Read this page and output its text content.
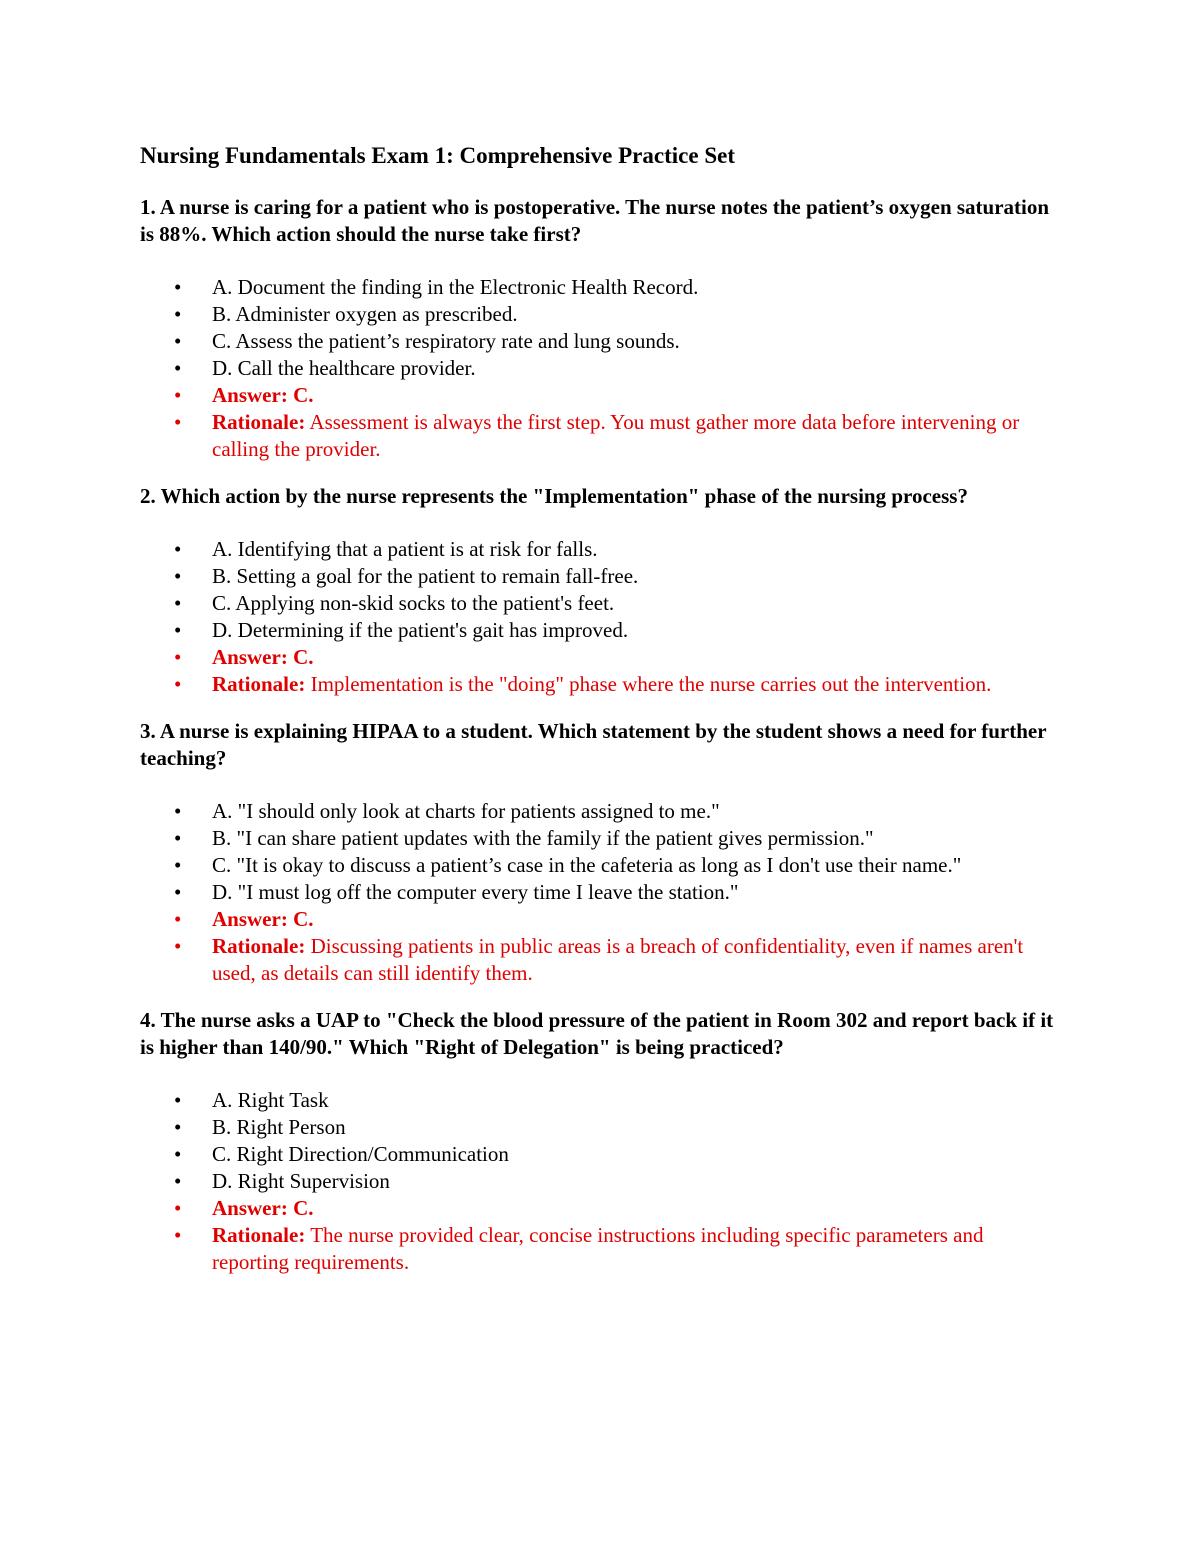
Nursing Fundamentals Exam 1: Comprehensive Practice Set
1. A nurse is caring for a patient who is postoperative. The nurse notes the patient’s oxygen saturation is 88%. Which action should the nurse take first?
• A. Document the finding in the Electronic Health Record.
• B. Administer oxygen as prescribed.
• C. Assess the patient’s respiratory rate and lung sounds.
• D. Call the healthcare provider.
• Answer: C.
• Rationale: Assessment is always the first step. You must gather more data before intervening or calling the provider.
2. Which action by the nurse represents the "Implementation" phase of the nursing process?
• A. Identifying that a patient is at risk for falls.
• B. Setting a goal for the patient to remain fall-free.
• C. Applying non-skid socks to the patient's feet.
• D. Determining if the patient's gait has improved.
• Answer: C.
• Rationale: Implementation is the "doing" phase where the nurse carries out the intervention.
3. A nurse is explaining HIPAA to a student. Which statement by the student shows a need for further teaching?
• A. "I should only look at charts for patients assigned to me."
• B. "I can share patient updates with the family if the patient gives permission."
• C. "It is okay to discuss a patient’s case in the cafeteria as long as I don't use their name."
• D. "I must log off the computer every time I leave the station."
• Answer: C.
• Rationale: Discussing patients in public areas is a breach of confidentiality, even if names aren't used, as details can still identify them.
4. The nurse asks a UAP to "Check the blood pressure of the patient in Room 302 and report back if it is higher than 140/90." Which "Right of Delegation" is being practiced?
• A. Right Task
• B. Right Person
• C. Right Direction/Communication
• D. Right Supervision
• Answer: C.
• Rationale: The nurse provided clear, concise instructions including specific parameters and reporting requirements.
